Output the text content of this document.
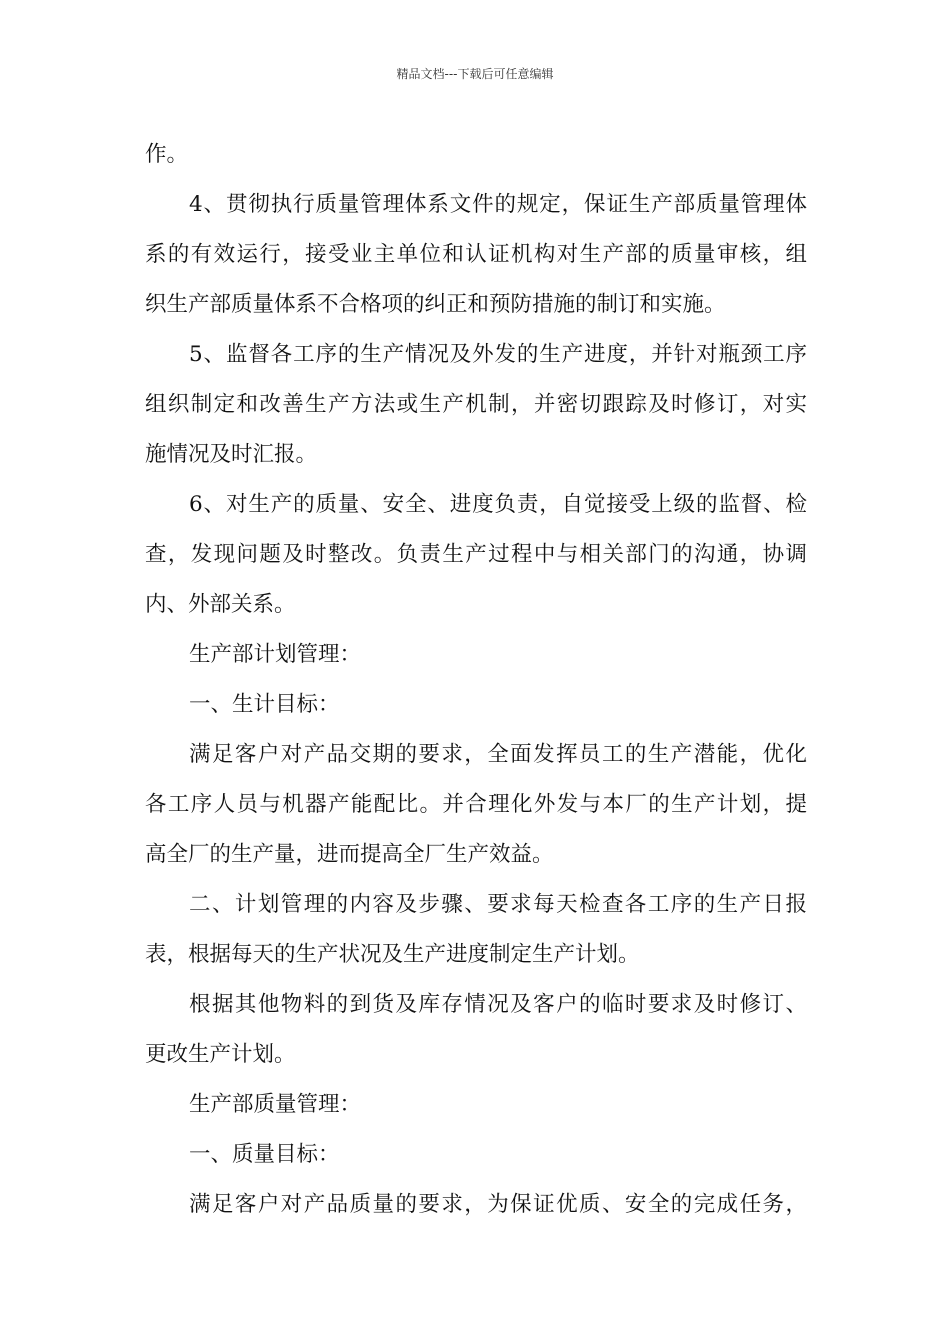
精品文档---下载后可任意编辑
作。
4、贯彻执行质量管理体系文件的规定，保证生产部质量管理体
系的有效运行，接受业主单位和认证机构对生产部的质量审核，组
织生产部质量体系不合格项的纠正和预防措施的制订和实施。
5、监督各工序的生产情况及外发的生产进度，并针对瓶颈工序
组织制定和改善生产方法或生产机制，并密切跟踪及时修订，对实
施情况及时汇报。
6、对生产的质量、安全、进度负责，自觉接受上级的监督、检
查，发现问题及时整改。负责生产过程中与相关部门的沟通，协调
内、外部关系。
生产部计划管理：
一、生计目标：
满足客户对产品交期的要求，全面发挥员工的生产潜能，优化
各工序人员与机器产能配比。并合理化外发与本厂的生产计划，提
高全厂的生产量，进而提高全厂生产效益。
二、计划管理的内容及步骤、要求每天检查各工序的生产日报
表，根据每天的生产状况及生产进度制定生产计划。
根据其他物料的到货及库存情况及客户的临时要求及时修订、
更改生产计划。
生产部质量管理：
一、质量目标：
满足客户对产品质量的要求，为保证优质、安全的完成任务，
